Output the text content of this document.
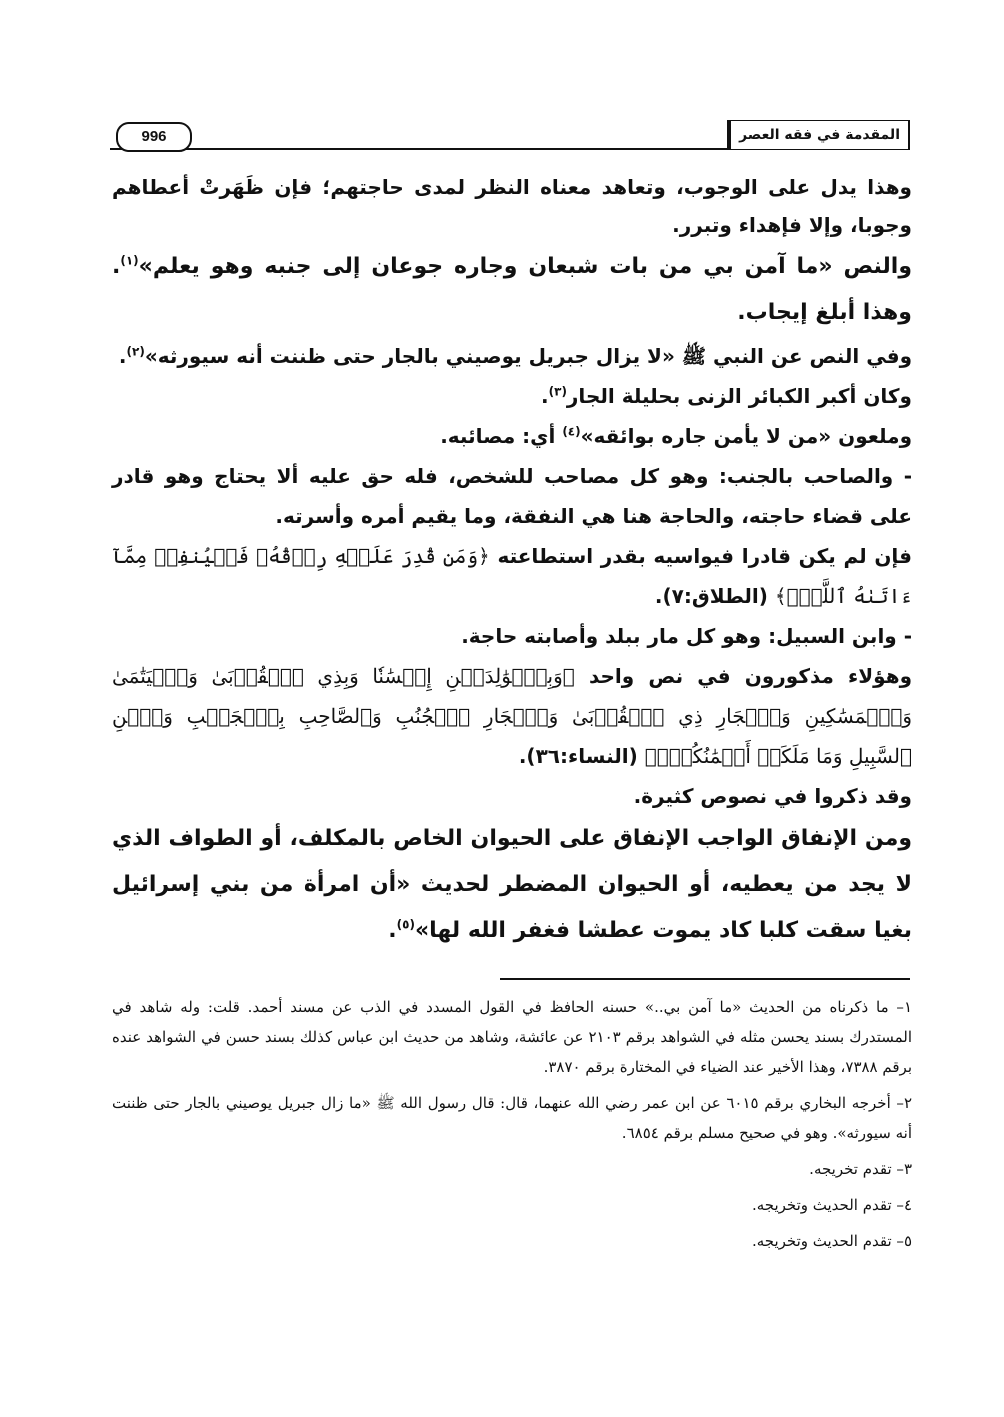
996	المقدمة في فقه العصر

وهذا يدل على الوجوب، وتعاهد معناه النظر لمدى حاجتهم؛ فإن ظَهَرتْ أعطاهم وجوبا، وإلا فإهداء وتبرر.

والنص «ما آمن بي من بات شبعان وجاره جوعان إلى جنبه وهو يعلم»$^{(١)}$. وهذا أبلغ إيجاب.

وفي النص عن النبي ﷺ «لا يزال جبريل يوصيني بالجار حتى ظننت أنه سيورثه»$^{(٢)}$.

وكان أكبر الكبائر الزنى بحليلة الجار$^{(٣)}$.

وملعون «من لا يأمن جاره بوائقه»$^{(٤)}$ أي: مصائبه.

- والصاحب بالجنب: وهو كل مصاحب للشخص، فله حق عليه ألا يحتاج وهو قادر على قضاء حاجته، والحاجة هنا هي النفقة، وما يقيم أمره وأسرته.

فإن لم يكن قادرا فيواسيه بقدر استطاعته ﴿وَمَن قُدِرَ عَلَيۡهِ رِزۡقُهُۥ فَلۡيُنفِقۡ مِمَّآ ءَاتَىٰهُ ٱللَّهُۚ﴾ (الطلاق:٧).

- وابن السبيل: وهو كل مار ببلد وأصابته حاجة.

وهؤلاء مذكورون في نص واحد ﴿وَبِٱلۡوَٰلِدَيۡنِ إِحۡسَٰنٗا وَبِذِي ٱلۡقُرۡبَىٰ وَٱلۡيَتَٰمَىٰ وَٱلۡمَسَٰكِينِ وَٱلۡجَارِ ذِي ٱلۡقُرۡبَىٰ وَٱلۡجَارِ ٱلۡجُنُبِ وَٱلصَّاحِبِ بِٱلۡجَنۢبِ وَٱبۡنِ ٱلسَّبِيلِ وَمَا مَلَكَتۡ أَيۡمَٰنُكُمۡۗ﴾ (النساء:٣٦).

وقد ذكروا في نصوص كثيرة.

ومن الإنفاق الواجب الإنفاق على الحيوان الخاص بالمكلف، أو الطواف الذي لا يجد من يعطيه، أو الحيوان المضطر لحديث «أن امرأة من بني إسرائيل بغيا سقت كلبا كاد يموت عطشا فغفر الله لها»$^{(٥)}$.

١– ما ذكرناه من الحديث «ما آمن بي..» حسنه الحافظ في القول المسدد في الذب عن مسند أحمد. قلت: وله شاهد في المستدرك بسند يحسن مثله في الشواهد برقم ٢١٠٣ عن عائشة، وشاهد من حديث ابن عباس كذلك بسند حسن في الشواهد عنده برقم ٧٣٨٨، وهذا الأخير عند الضياء في المختارة برقم ٣٨٧٠.

٢– أخرجه البخاري برقم ٦٠١٥ عن ابن عمر رضي الله عنهما، قال: قال رسول الله ﷺ «ما زال جبريل يوصيني بالجار حتى ظننت أنه سيورثه». وهو في صحيح مسلم برقم ٦٨٥٤.

٣– تقدم تخريجه.

٤– تقدم الحديث وتخريجه.

٥– تقدم الحديث وتخريجه.
